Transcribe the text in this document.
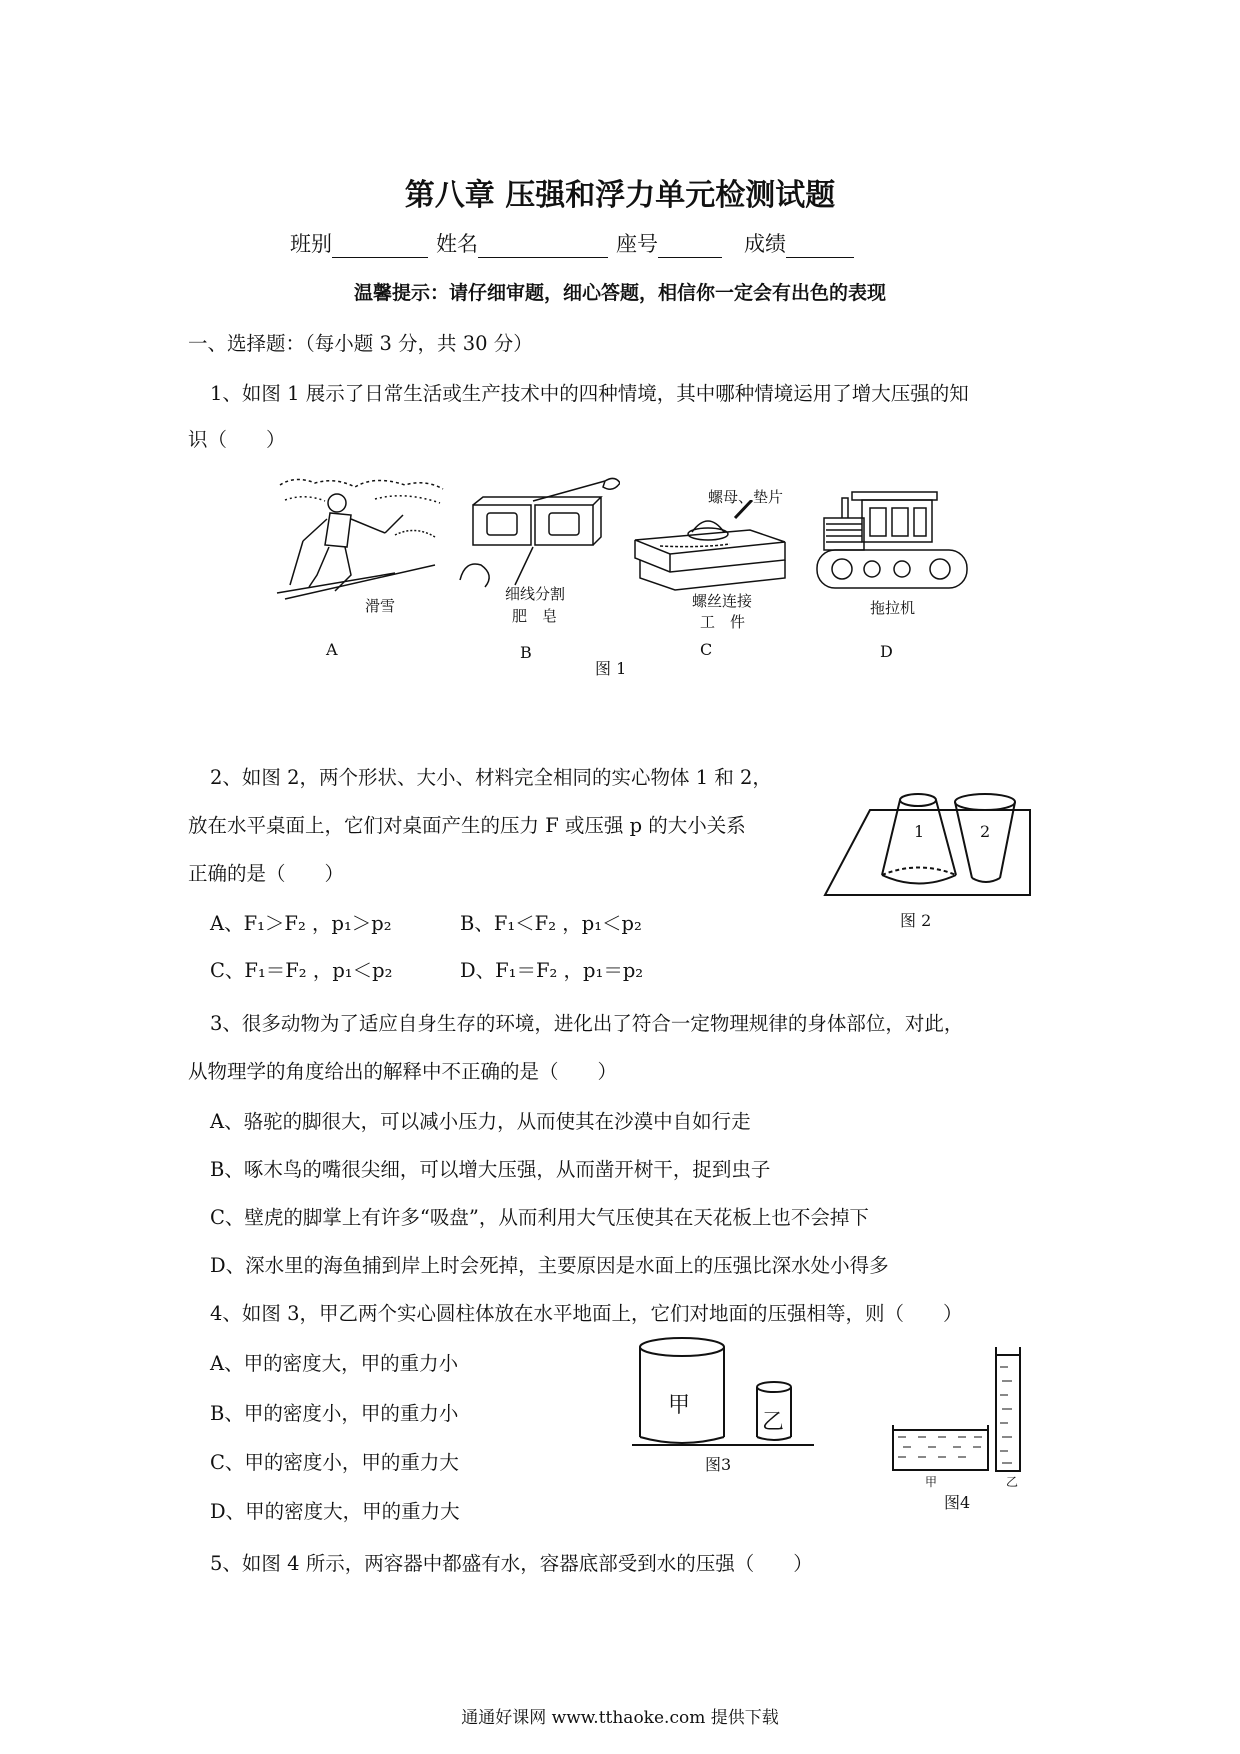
第八章 压强和浮力单元检测试题
班别	姓名	座号	成绩
温馨提示：请仔细审题，细心答题，相信你一定会有出色的表现
一、选择题：（每小题 3 分，共 30 分）
1、如图 1 展示了日常生活或生产技术中的四种情境，其中哪种情境运用了增大压强的知
识（　　）
滑雪
A
细线分割
肥　皂
B
螺母、垫片
螺丝连接
工　件
C
拖拉机
D
图 1
2、如图 2，两个形状、大小、材料完全相同的实心物体 1 和 2，
放在水平桌面上，它们对桌面产生的压力 F 或压强 p 的大小关系
正确的是（　　）
A、F₁＞F₂ ，p₁＞p₂	B、F₁＜F₂ ，p₁＜p₂
C、F₁＝F₂ ，p₁＜p₂	D、F₁＝F₂ ，p₁＝p₂
1	2
图 2
3、很多动物为了适应自身生存的环境，进化出了符合一定物理规律的身体部位，对此，
从物理学的角度给出的解释中不正确的是（　　）
A、骆驼的脚很大，可以减小压力，从而使其在沙漠中自如行走
B、啄木鸟的嘴很尖细，可以增大压强，从而凿开树干，捉到虫子
C、壁虎的脚掌上有许多“吸盘”，从而利用大气压使其在天花板上也不会掉下
D、深水里的海鱼捕到岸上时会死掉，主要原因是水面上的压强比深水处小得多
4、如图 3，甲乙两个实心圆柱体放在水平地面上，它们对地面的压强相等，则（　　）
A、甲的密度大，甲的重力小
B、甲的密度小，甲的重力小
C、甲的密度小，甲的重力大
D、甲的密度大，甲的重力大
甲
乙
图3
甲	乙
图4
5、如图 4 所示，两容器中都盛有水，容器底部受到水的压强（　　）
通通好课网 www.tthaoke.com 提供下载
